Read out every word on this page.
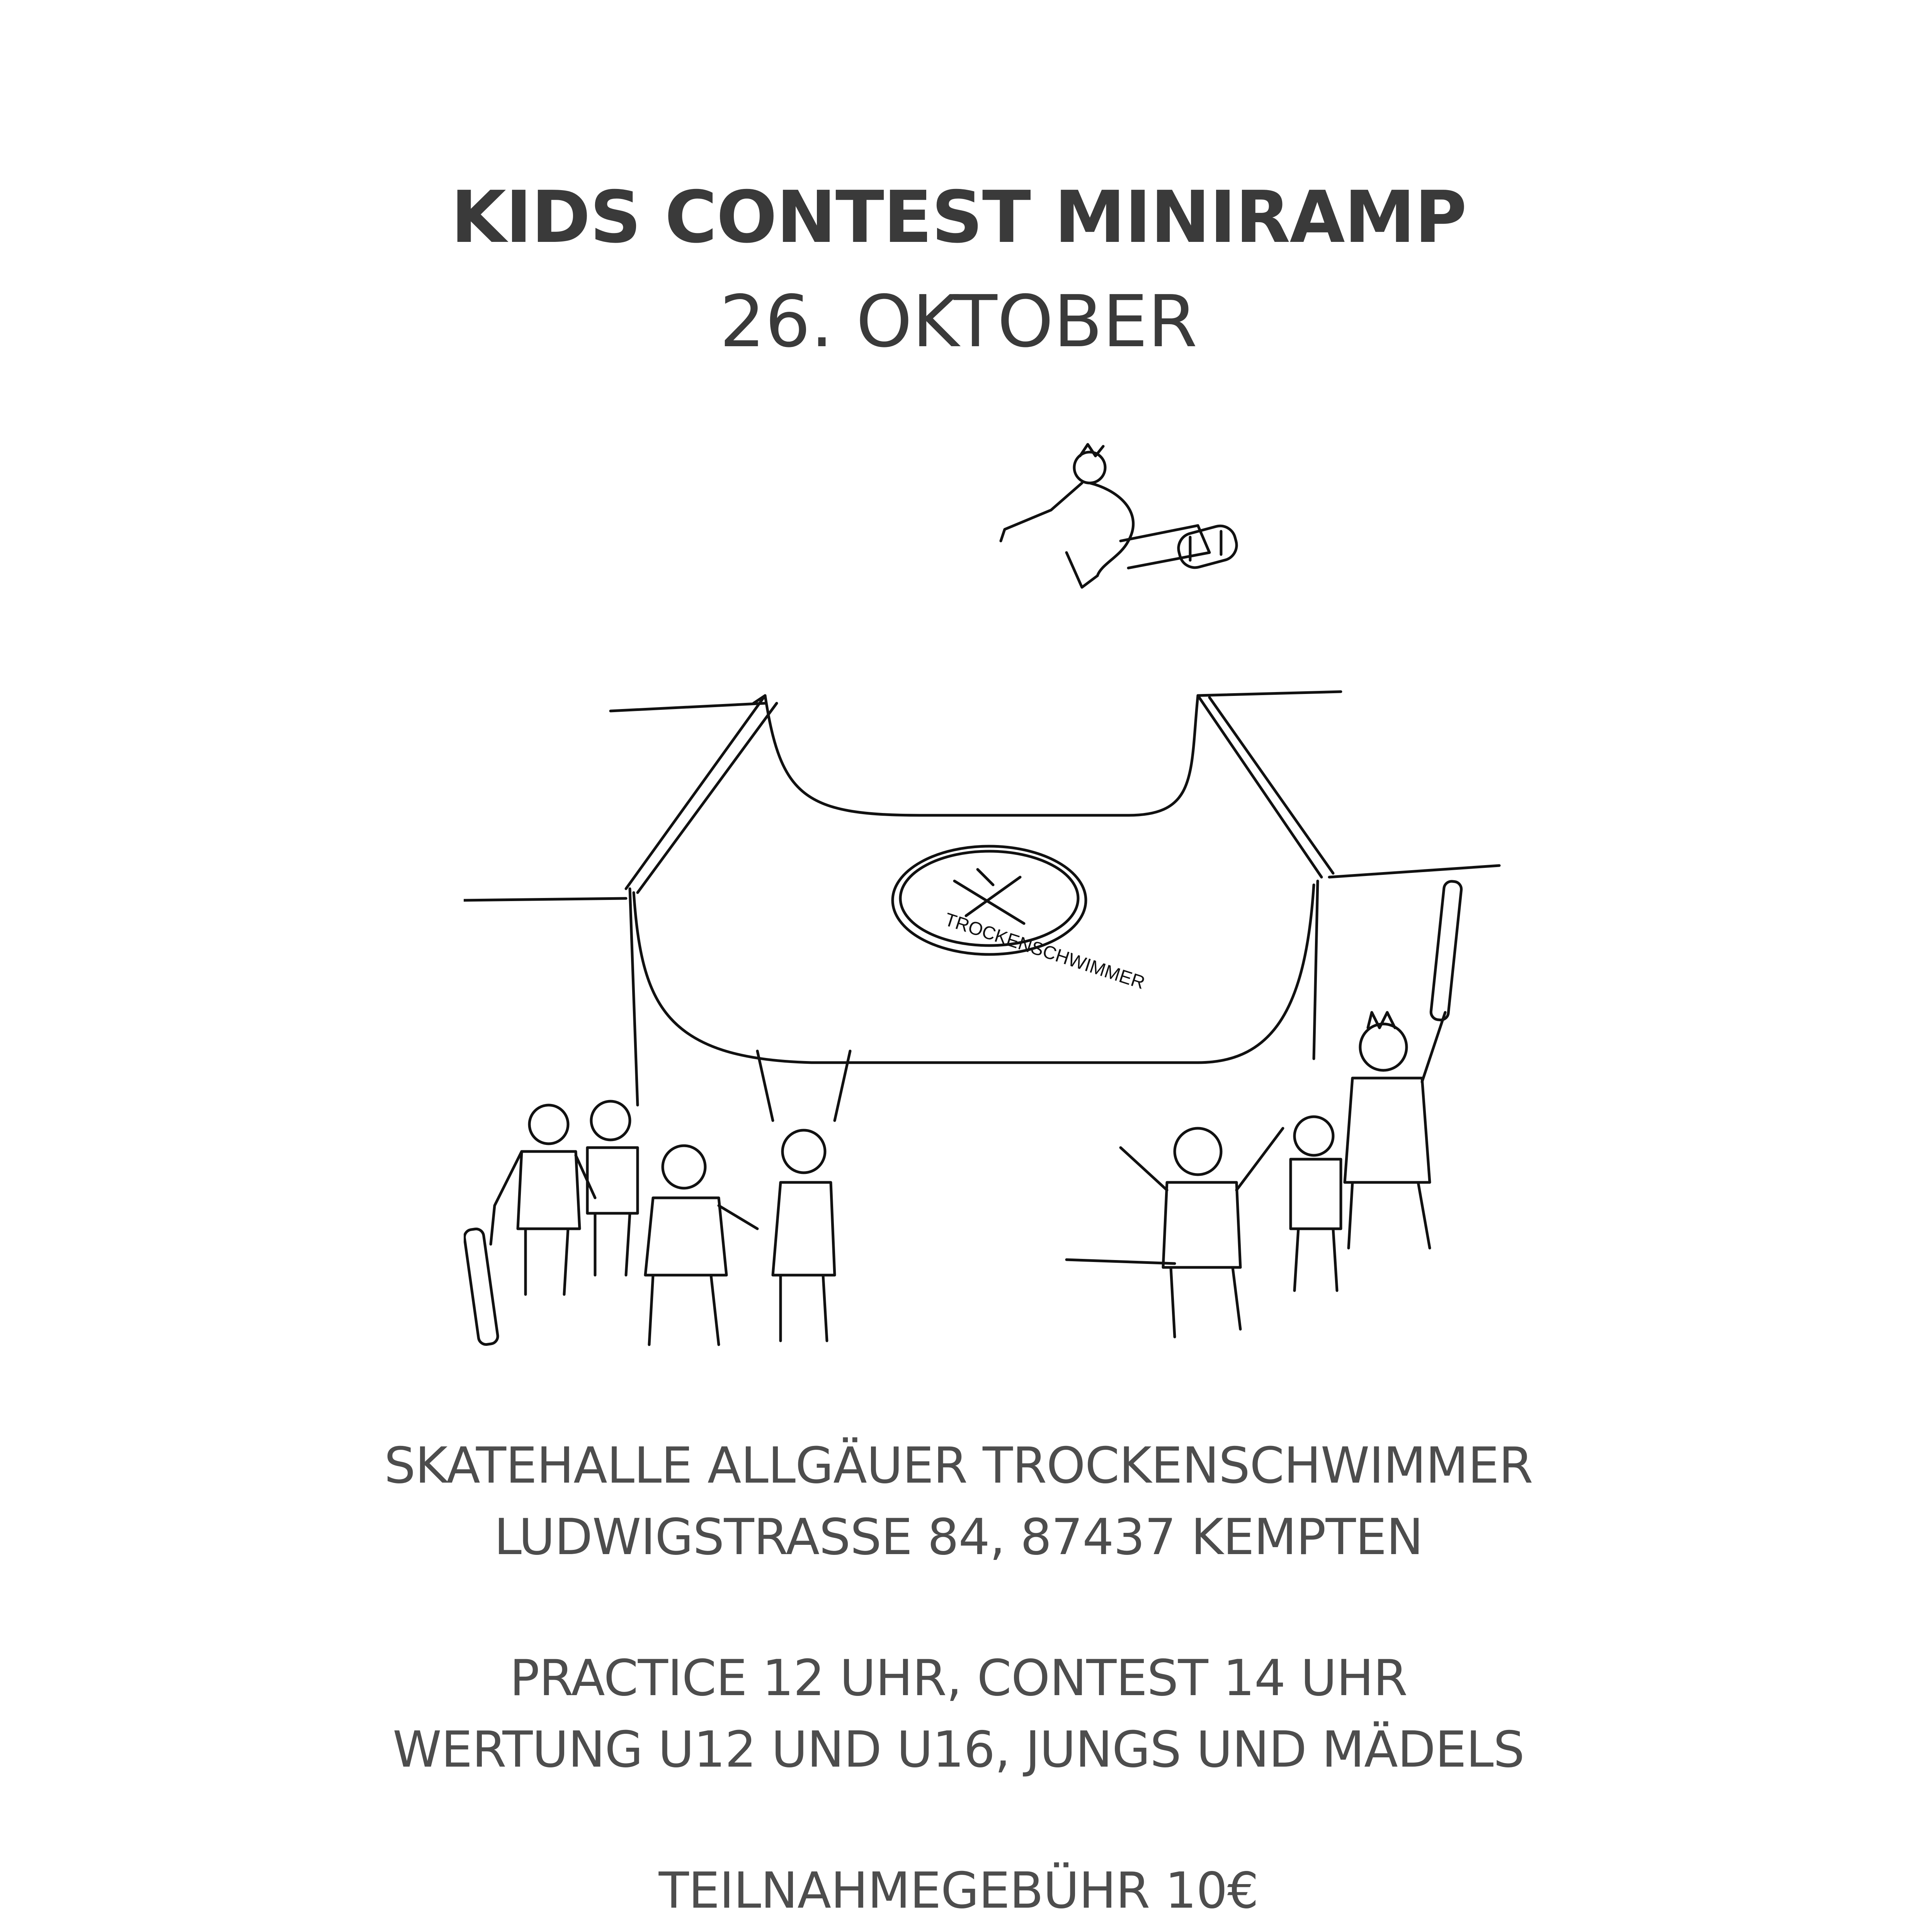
KIDS CONTEST MINIRAMP
26. OKTOBER
TROCKENSCHWIMMER
SKATEHALLE ALLGÄUER TROCKENSCHWIMMER
LUDWIGSTRASSE 84, 87437 KEMPTEN
PRACTICE 12 UHR, CONTEST 14 UHR
WERTUNG U12 UND U16, JUNGS UND MÄDELS
TEILNAHMEGEBÜHR 10€
